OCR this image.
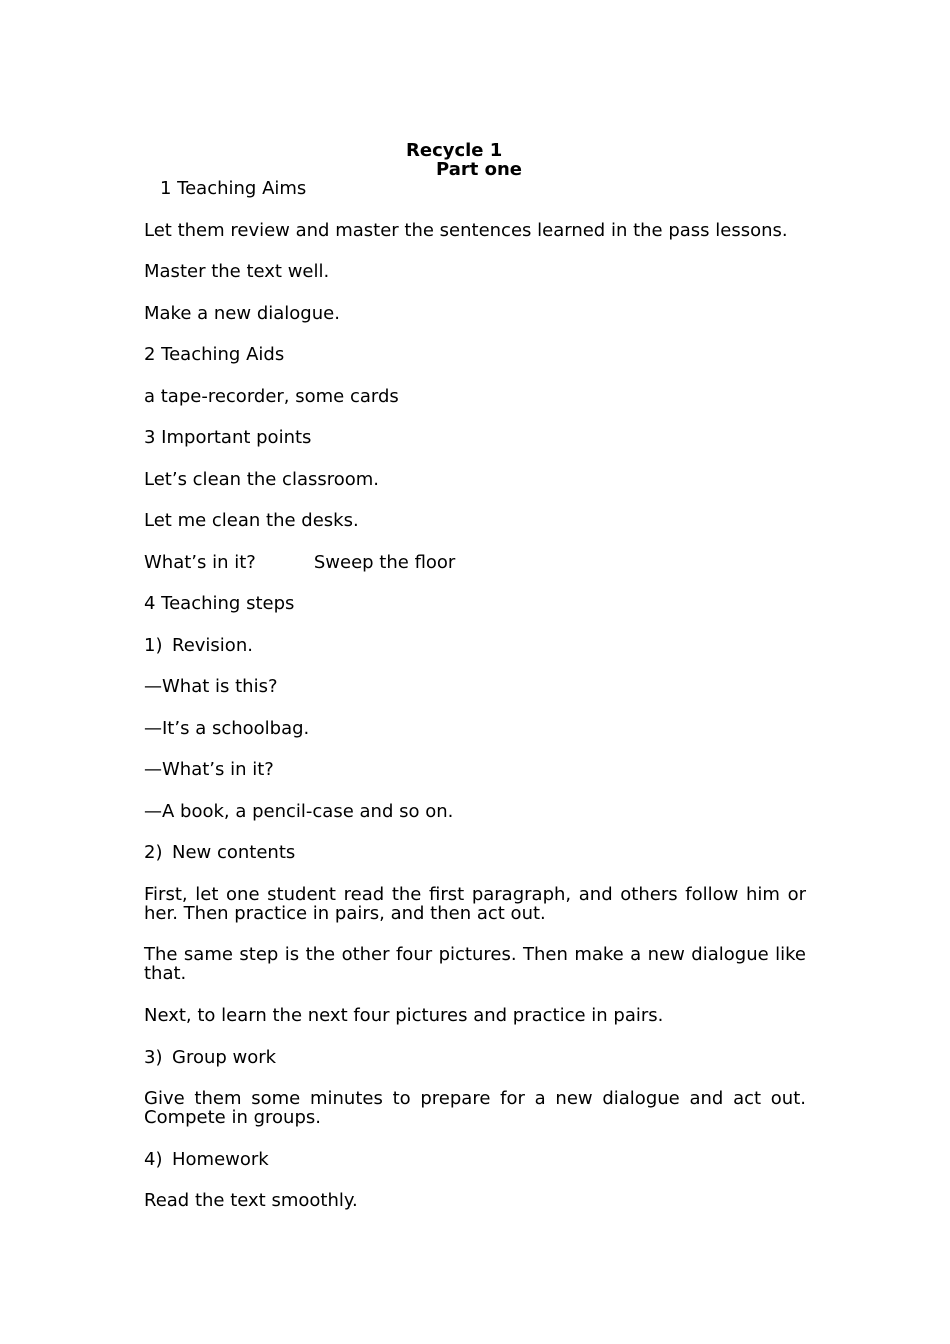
Recycle 1
Part one
1 Teaching Aims
Let them review and master the sentences learned in the pass lessons.
Master the text well.
Make a new dialogue.
2 Teaching Aids
a tape-recorder, some cards
3 Important points
Let’s clean the classroom.
Let me clean the desks.
What’s in it?	Sweep the floor
4 Teaching steps
1) Revision.
—What is this?
—It’s a schoolbag.
—What’s in it?
—A book, a pencil-case and so on.
2) New contents
First, let one student read the first paragraph, and others follow him or her. Then practice in pairs, and then act out.
The same step is the other four pictures. Then make a new dialogue like that.
Next, to learn the next four pictures and practice in pairs.
3) Group work
Give them some minutes to prepare for a new dialogue and act out. Compete in groups.
4) Homework
Read the text smoothly.
